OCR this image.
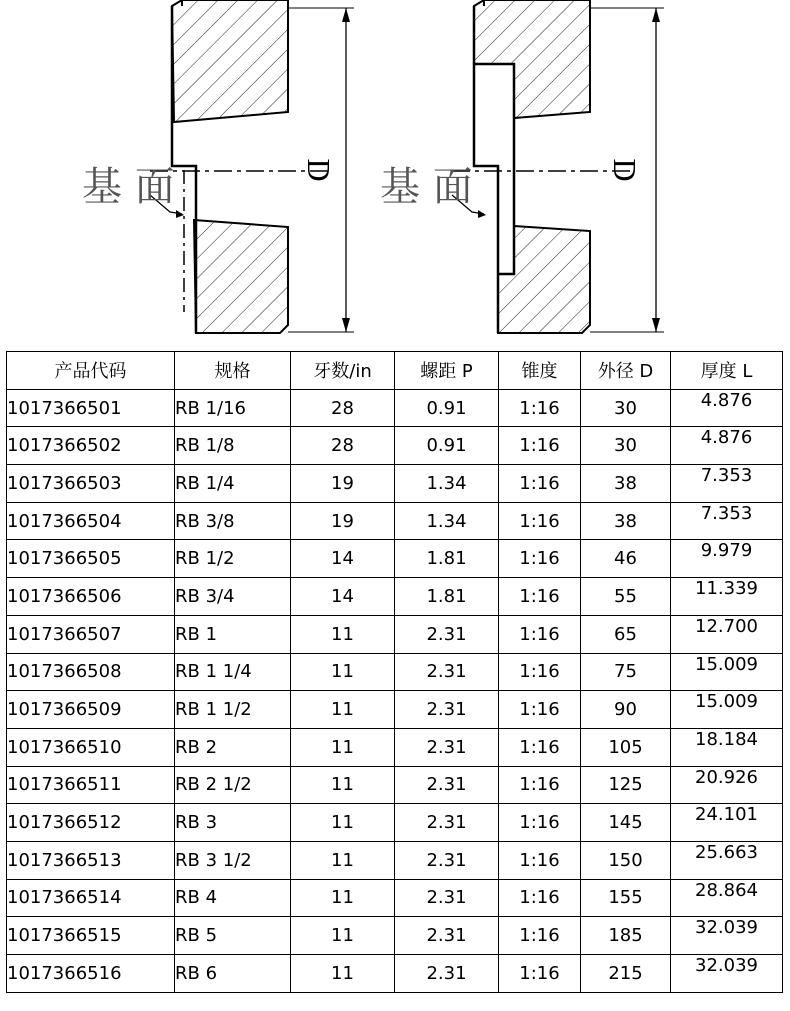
D
基 面	D
基 面
产品代码	规格	牙数/in	螺距 P	锥度	外径 D	厚度 L
1017366501	RB 1/16	28	0.91	1:16	30	4.876
1017366502	RB 1/8	28	0.91	1:16	30	4.876
1017366503	RB 1/4	19	1.34	1:16	38	7.353
1017366504	RB 3/8	19	1.34	1:16	38	7.353
1017366505	RB 1/2	14	1.81	1:16	46	9.979
1017366506	RB 3/4	14	1.81	1:16	55	11.339
1017366507	RB 1	11	2.31	1:16	65	12.700
1017366508	RB 1 1/4	11	2.31	1:16	75	15.009
1017366509	RB 1 1/2	11	2.31	1:16	90	15.009
1017366510	RB 2	11	2.31	1:16	105	18.184
1017366511	RB 2 1/2	11	2.31	1:16	125	20.926
1017366512	RB 3	11	2.31	1:16	145	24.101
1017366513	RB 3 1/2	11	2.31	1:16	150	25.663
1017366514	RB 4	11	2.31	1:16	155	28.864
1017366515	RB 5	11	2.31	1:16	185	32.039
1017366516	RB 6	11	2.31	1:16	215	32.039
